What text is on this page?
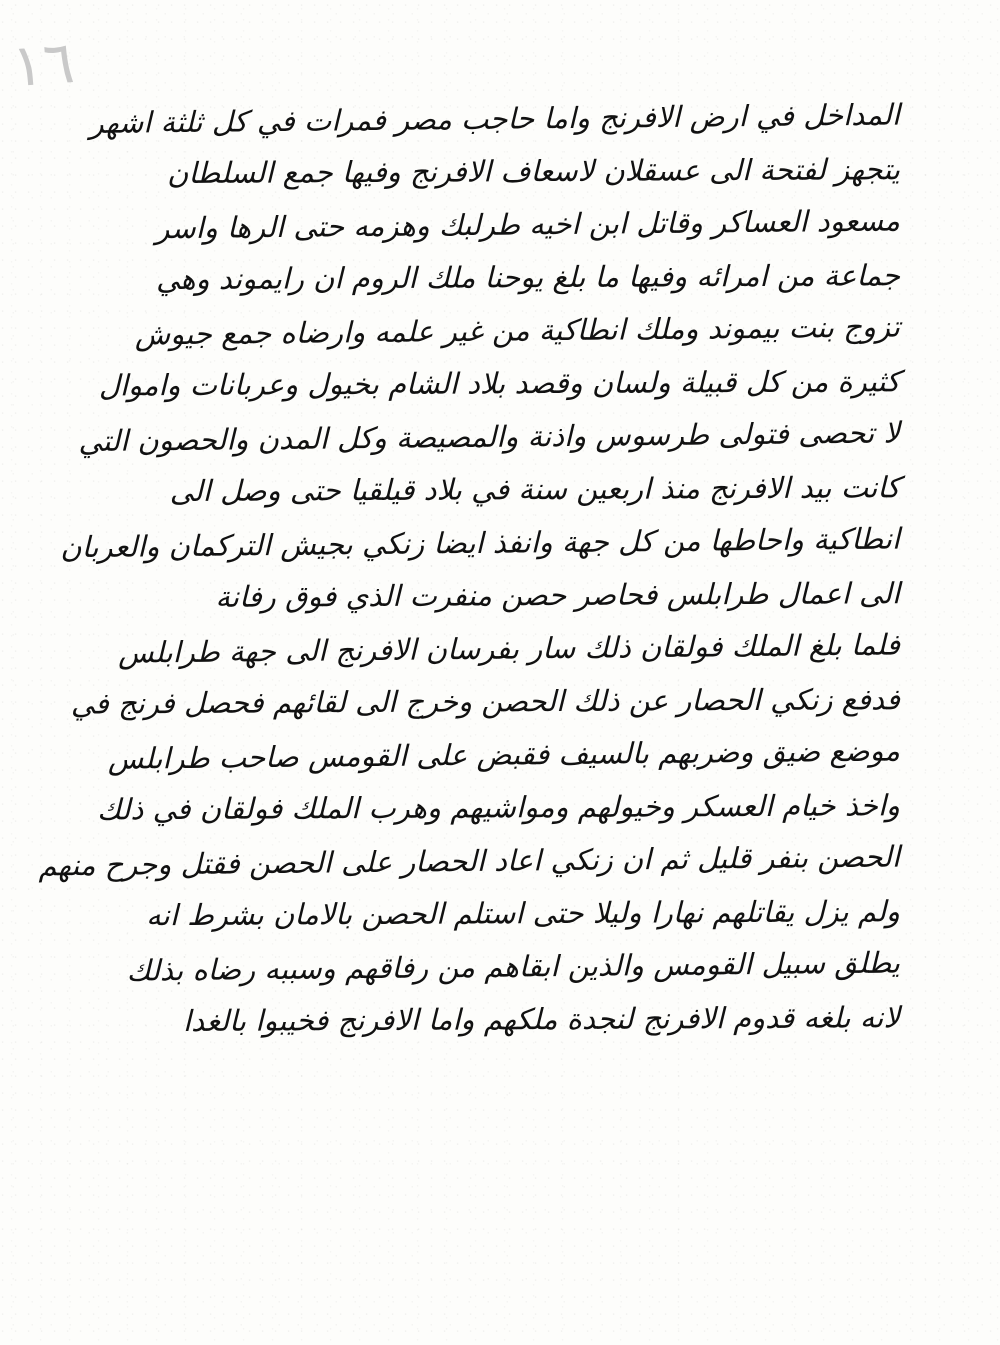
١٦
المداخل في ارض الافرنج واما حاجب مصر فمرات في كل ثلثة اشهر
يتجهز لفتحة الى عسقلان لاسعاف الافرنج وفيها جمع السلطان
مسعود العساكر وقاتل ابن اخيه طرلبك وهزمه حتى الرها واسر
جماعة من امرائه وفيها ما بلغ يوحنا ملك الروم ان رايموند وهي
تزوج بنت بيموند وملك انطاكية من غير علمه وارضاه جمع جيوش
كثيرة من كل قبيلة ولسان وقصد بلاد الشام بخيول وعربانات واموال
لا تحصى فتولى طرسوس واذنة والمصيصة وكل المدن والحصون التي
كانت بيد الافرنج منذ اربعين سنة في بلاد قيلقيا حتى وصل الى
انطاكية واحاطها من كل جهة وانفذ ايضا زنكي بجيش التركمان والعربان
الى اعمال طرابلس فحاصر حصن منفرت الذي فوق رفانة
فلما بلغ الملك فولقان ذلك سار بفرسان الافرنج الى جهة طرابلس
فدفع زنكي الحصار عن ذلك الحصن وخرج الى لقائهم فحصل فرنج في
موضع ضيق وضربهم بالسيف فقبض على القومس صاحب طرابلس
واخذ خيام العسكر وخيولهم ومواشيهم وهرب الملك فولقان في ذلك
الحصن بنفر قليل ثم ان زنكي اعاد الحصار على الحصن فقتل وجرح منهم
ولم يزل يقاتلهم نهارا وليلا حتى استلم الحصن بالامان بشرط انه
يطلق سبيل القومس والذين ابقاهم من رفاقهم وسببه رضاه بذلك
لانه بلغه قدوم الافرنج لنجدة ملكهم واما الافرنج فخيبوا بالغدا
